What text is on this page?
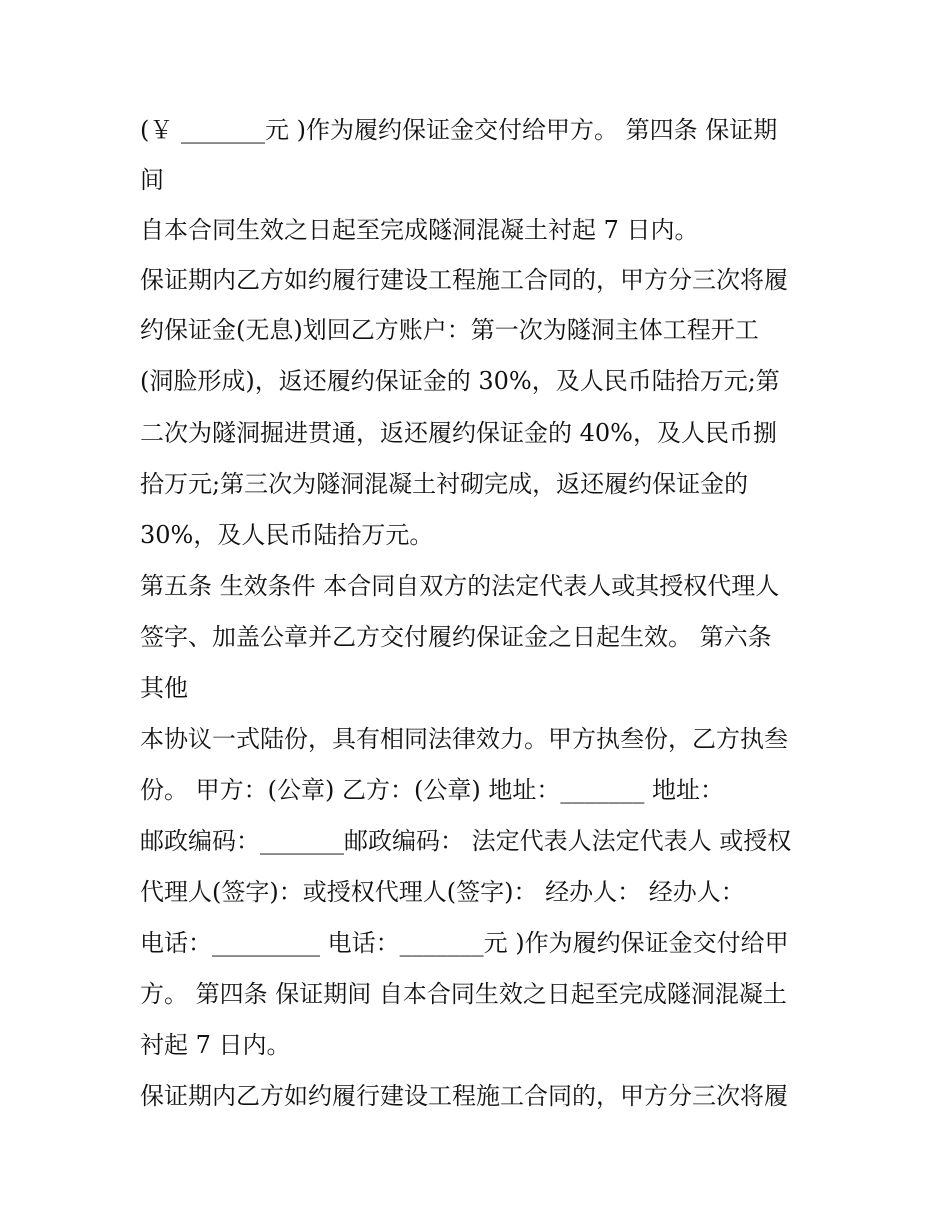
(￥ _______元 )作为履约保证金交付给甲方。 第四条 保证期

间

自本合同生效之日起至完成隧洞混凝土衬起 7 日内。

保证期内乙方如约履行建设工程施工合同的，甲方分三次将履

约保证金(无息)划回乙方账户：第一次为隧洞主体工程开工

(洞脸形成)，返还履约保证金的 30%，及人民币陆拾万元;第

二次为隧洞掘进贯通，返还履约保证金的 40%，及人民币捌

拾万元;第三次为隧洞混凝土衬砌完成，返还履约保证金的

30%，及人民币陆拾万元。

第五条 生效条件 本合同自双方的法定代表人或其授权代理人

签字、加盖公章并乙方交付履约保证金之日起生效。 第六条

其他

本协议一式陆份，具有相同法律效力。甲方执叁份，乙方执叁

份。 甲方：(公章) 乙方：(公章) 地址：_______ 地址：

邮政编码：_______邮政编码： 法定代表人法定代表人 或授权

代理人(签字)：或授权代理人(签字)： 经办人： 经办人：

电话：_________ 电话：_______元 )作为履约保证金交付给甲

方。 第四条 保证期间 自本合同生效之日起至完成隧洞混凝土

衬起 7 日内。

保证期内乙方如约履行建设工程施工合同的，甲方分三次将履
